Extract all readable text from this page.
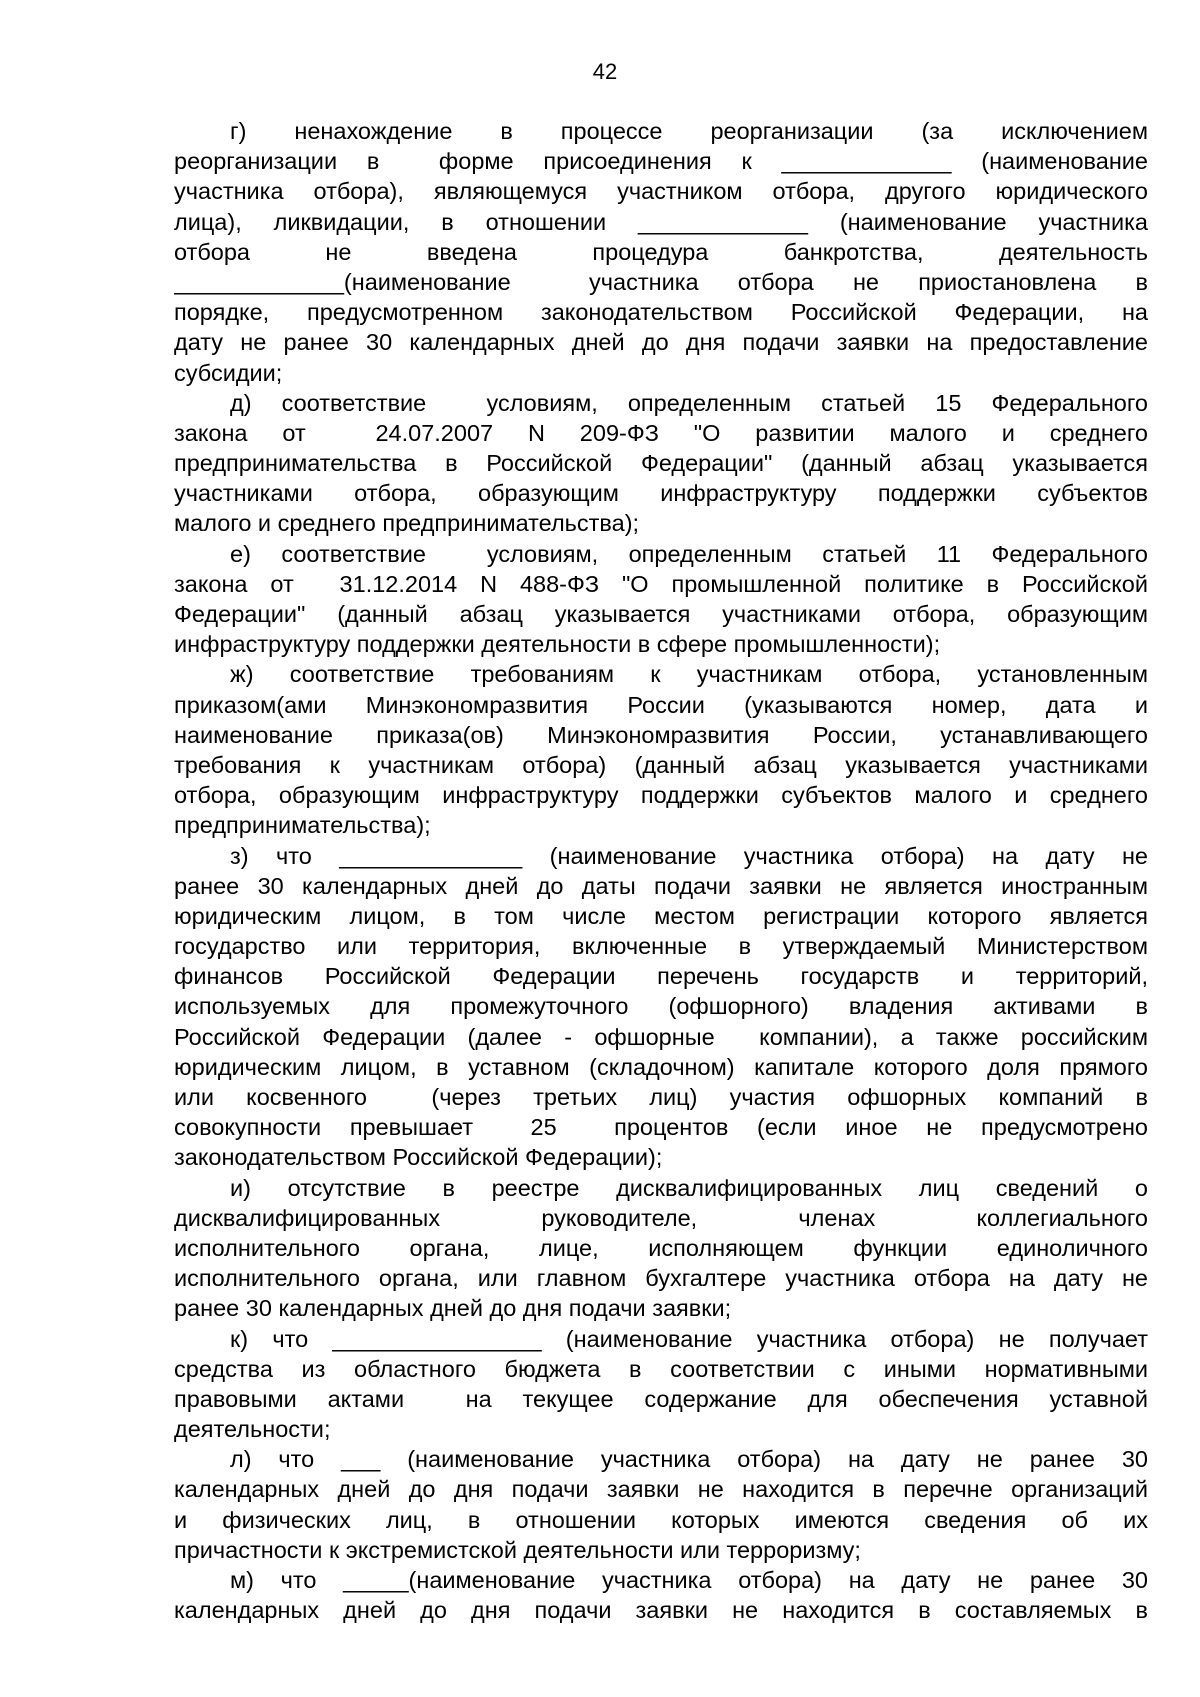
42
г)  ненахождение  в  процессе  реорганизации  (за  исключением
реорганизации в  форме присоединения к _____________ (наименование
участника отбора), являющемуся участником отбора, другого юридического
лица), ликвидации, в отношении _____________ (наименование участника
отбора  не  введена  процедура  банкротства,  деятельность
_____________(наименование  участника отбора не приостановлена в
порядке, предусмотренном законодательством Российской Федерации, на
дату не ранее 30 календарных дней до дня подачи заявки на предоставление
субсидии;
д) соответствие  условиям, определенным статьей 15 Федерального
закона от  24.07.2007 N 209-ФЗ "О развитии малого и среднего
предпринимательства в Российской Федерации" (данный абзац указывается
участниками отбора, образующим инфраструктуру поддержки субъектов
малого и среднего предпринимательства);
е) соответствие  условиям, определенным статьей 11 Федерального
закона от  31.12.2014 N 488-ФЗ "О промышленной политике в Российской
Федерации" (данный абзац указывается участниками отбора, образующим
инфраструктуру поддержки деятельности в сфере промышленности);
ж) соответствие требованиям к участникам отбора, установленным
приказом(ами Минэкономразвития России (указываются номер, дата и
наименование приказа(ов) Минэкономразвития России, устанавливающего
требования к участникам отбора) (данный абзац указывается участниками
отбора, образующим инфраструктуру поддержки субъектов малого и среднего
предпринимательства);
з) что ______________ (наименование участника отбора) на дату не
ранее 30 календарных дней до даты подачи заявки не является иностранным
юридическим лицом, в том числе местом регистрации которого является
государство или территория, включенные в утверждаемый Министерством
финансов Российской Федерации перечень государств и территорий,
используемых для промежуточного (офшорного) владения активами в
Российской Федерации (далее - офшорные  компании), а также российским
юридическим лицом, в уставном (складочном) капитале которого доля прямого
или косвенного  (через третьих лиц) участия офшорных компаний в
совокупности превышает  25  процентов (если иное не предусмотрено
законодательством Российской Федерации);
и) отсутствие в реестре дисквалифицированных лиц сведений о
дисквалифицированных  руководителе,  членах  коллегиального
исполнительного органа, лице, исполняющем функции единоличного
исполнительного органа, или главном бухгалтере участника отбора на дату не
ранее 30 календарных дней до дня подачи заявки;
к) что ________________ (наименование участника отбора) не получает
средства из областного бюджета в соответствии с иными нормативными
правовыми актами  на текущее содержание для обеспечения уставной
деятельности;
л) что ___ (наименование участника отбора) на дату не ранее 30
календарных дней до дня подачи заявки не находится в перечне организаций
и физических лиц, в отношении которых имеются сведения об их
причастности к экстремистской деятельности или терроризму;
м) что _____(наименование участника отбора) на дату не ранее 30
календарных дней до дня подачи заявки не находится в составляемых в
